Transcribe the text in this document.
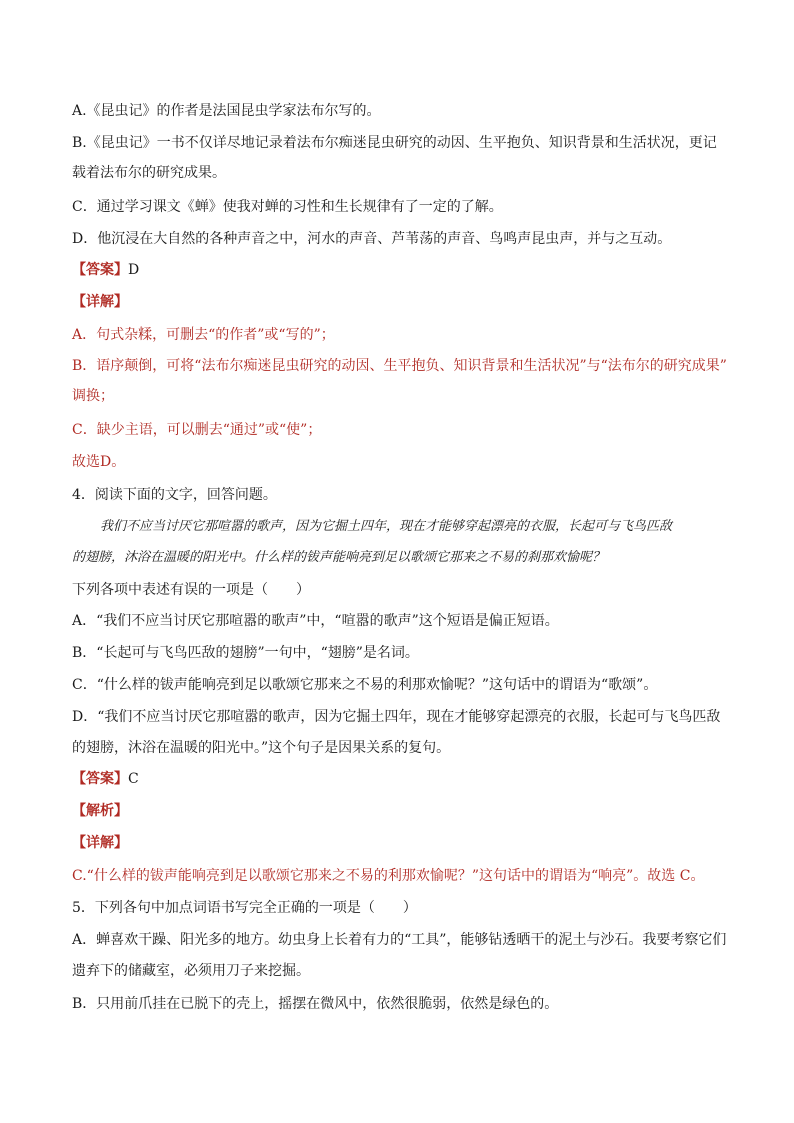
A.《昆虫记》的作者是法国昆虫学家法布尔写的。
B.《昆虫记》一书不仅详尽地记录着法布尔痴迷昆虫研究的动因、生平抱负、知识背景和生活状况，更记
载着法布尔的研究成果。
C．通过学习课文《蝉》使我对蝉的习性和生长规律有了一定的了解。
D．他沉浸在大自然的各种声音之中，河水的声音、芦苇荡的声音、鸟鸣声昆虫声，并与之互动。
【答案】D
【详解】
A．句式杂糅，可删去“的作者”或“写的”；
B．语序颠倒，可将“法布尔痴迷昆虫研究的动因、生平抱负、知识背景和生活状况”与“法布尔的研究成果”
调换；
C．缺少主语，可以删去“通过”或“使”；
故选D。
4．阅读下面的文字，回答问题。
我们不应当讨厌它那喧嚣的歌声，因为它掘土四年，现在才能够穿起漂亮的衣服，长起可与飞鸟匹敌
的翅膀，沐浴在温暖的阳光中。什么样的钹声能响亮到足以歌颂它那来之不易的刹那欢愉呢？
下列各项中表述有误的一项是（　　）
A．“我们不应当讨厌它那喧嚣的歌声”中，“喧嚣的歌声”这个短语是偏正短语。
B．“长起可与飞鸟匹敌的翅膀”一句中，“翅膀”是名词。
C．“什么样的钹声能响亮到足以歌颂它那来之不易的利那欢愉呢？”这句话中的谓语为“歌颂”。
D．“我们不应当讨厌它那喧嚣的歌声，因为它掘土四年，现在才能够穿起漂亮的衣服，长起可与飞鸟匹敌
的翅膀，沐浴在温暖的阳光中。”这个句子是因果关系的复句。
【答案】C
【解析】
【详解】
C.“什么样的钹声能响亮到足以歌颂它那来之不易的利那欢愉呢？”这句话中的谓语为“响亮”。故选 C。
5．下列各句中加点词语书写完全正确的一项是（　　）
A．蝉喜欢干躁、阳光多的地方。幼虫身上长着有力的“工具”，能够钻透晒干的泥土与沙石。我要考察它们
遗弃下的储藏室，必须用刀子来挖掘。
B．只用前爪挂在已脱下的壳上，摇摆在微风中，依然很脆弱，依然是绿色的。
